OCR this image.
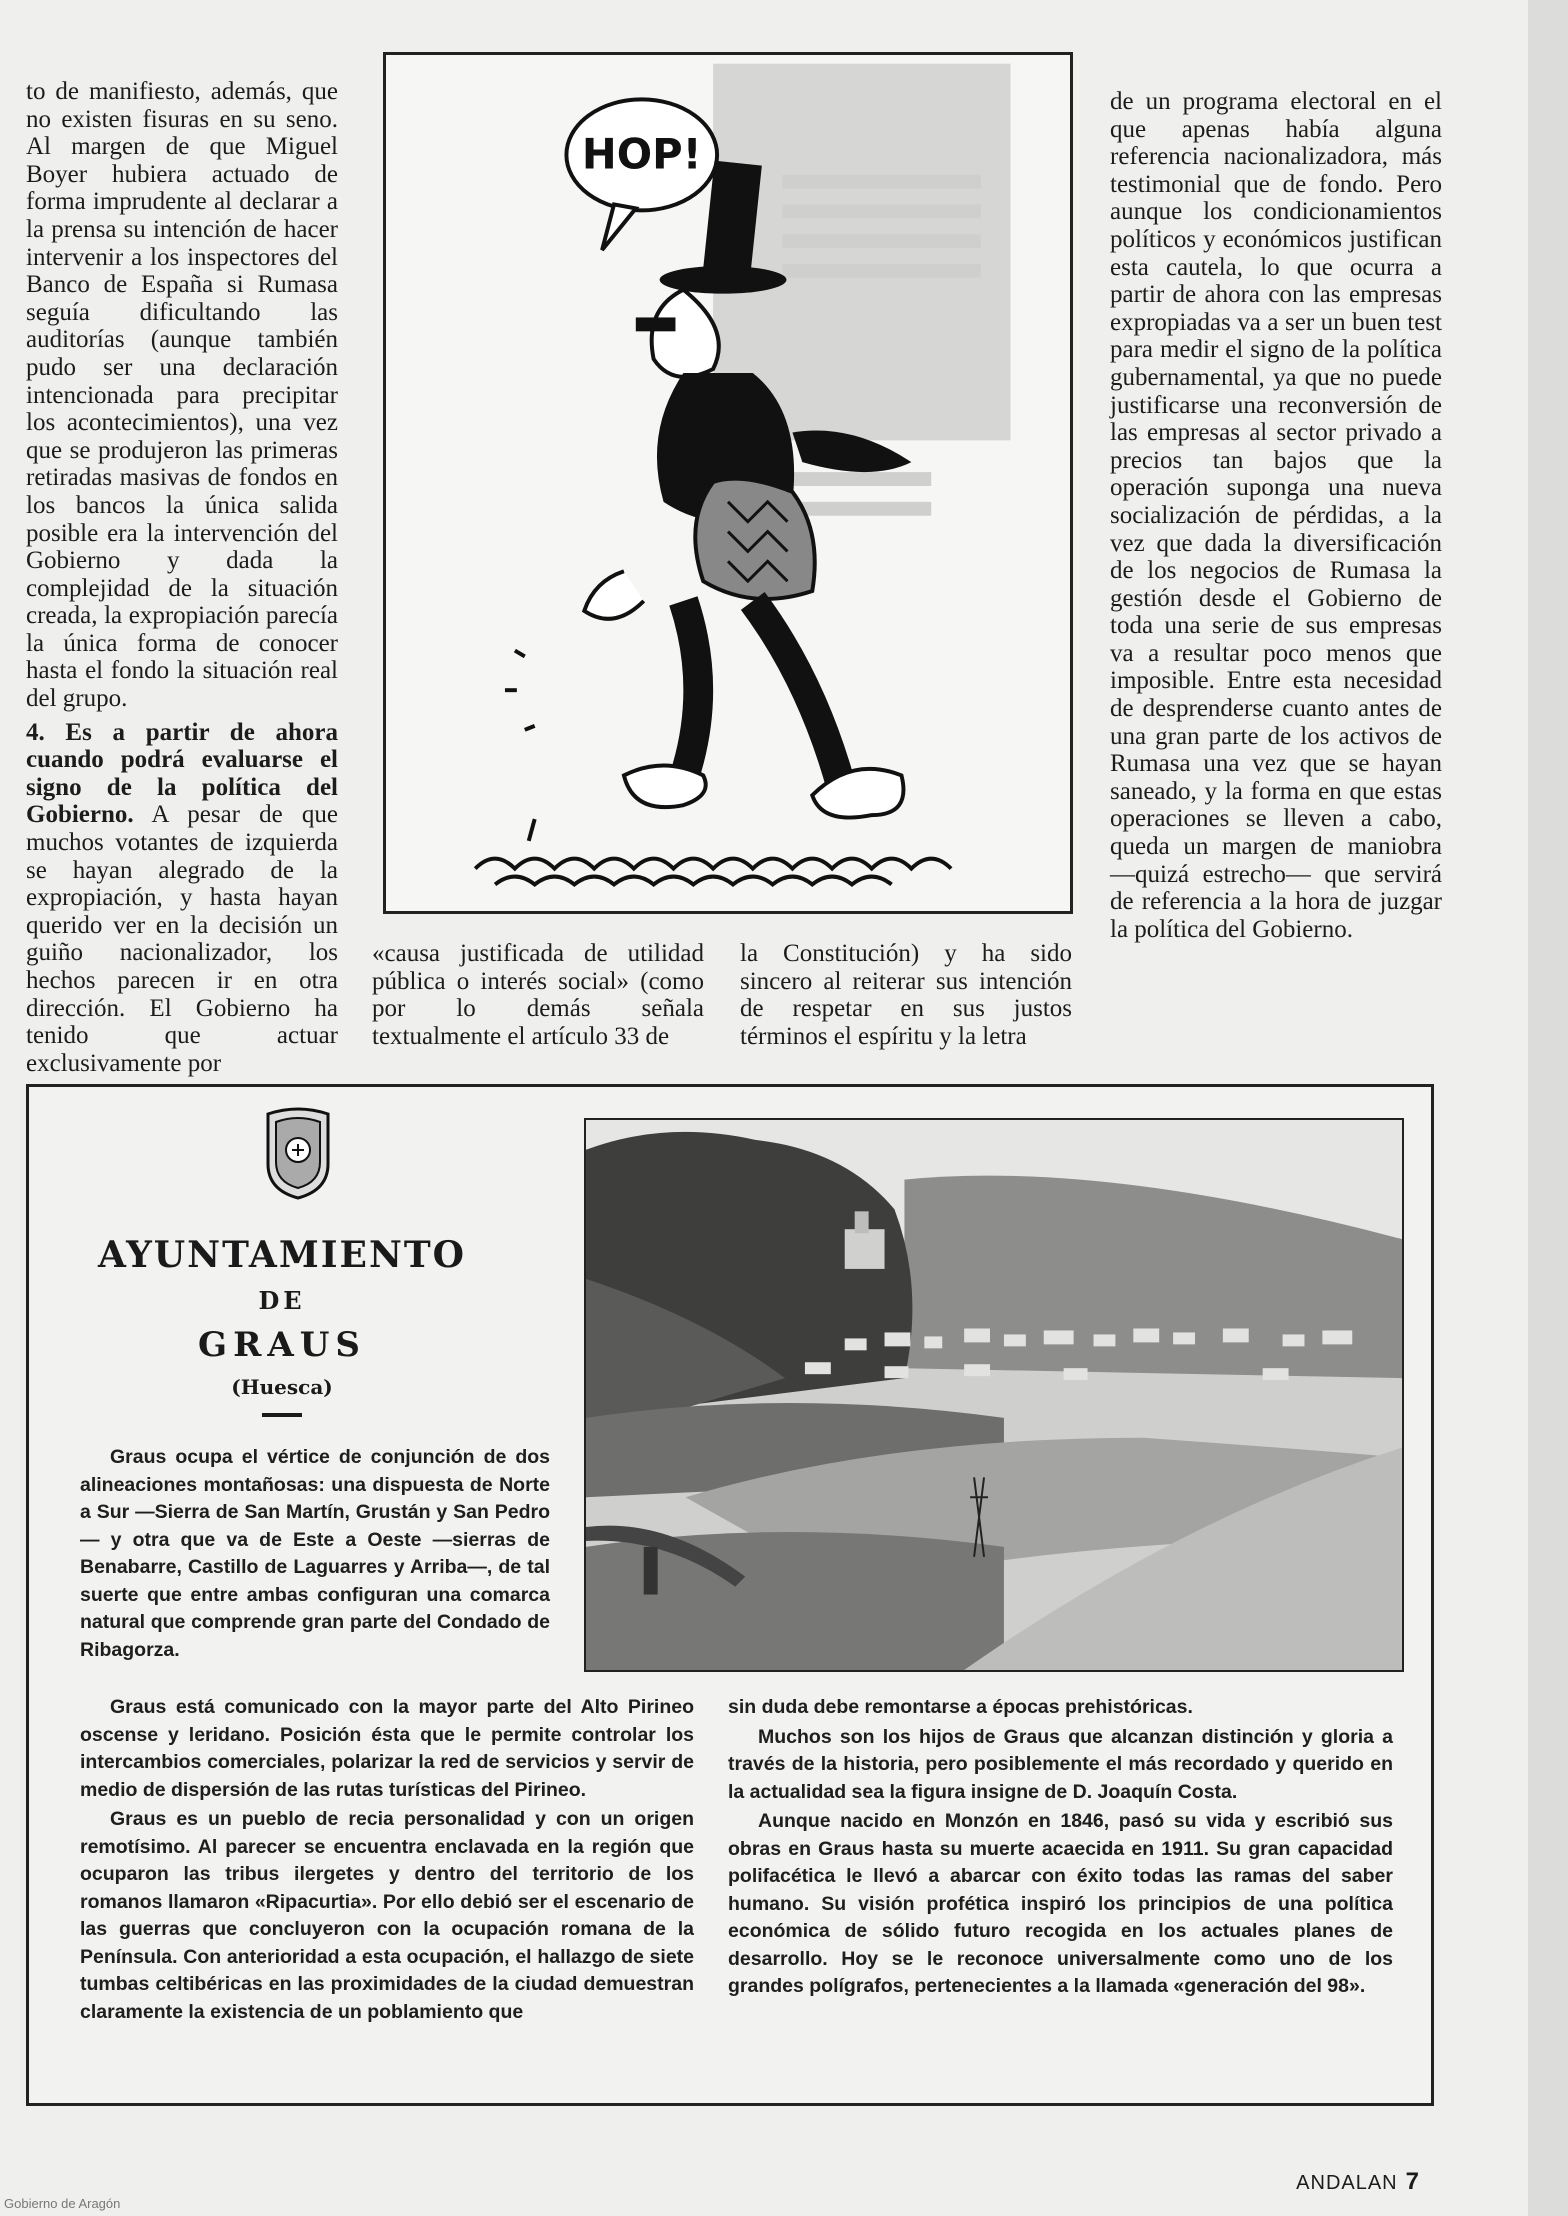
to de manifiesto, además, que no existen fisuras en su seno. Al margen de que Miguel Boyer hubiera actuado de forma imprudente al declarar a la prensa su intención de hacer intervenir a los inspectores del Banco de España si Rumasa seguía dificultando las auditorías (aunque también pudo ser una declaración intencionada para precipitar los acontecimientos), una vez que se produjeron las primeras retiradas masivas de fondos en los bancos la única salida posible era la intervención del Gobierno y dada la complejidad de la situación creada, la expropiación parecía la única forma de conocer hasta el fondo la situación real del grupo.

4. Es a partir de ahora cuando podrá evaluarse el signo de la política del Gobierno. A pesar de que muchos votantes de izquierda se hayan alegrado de la expropiación, y hasta hayan querido ver en la decisión un guiño nacionalizador, los hechos parecen ir en otra dirección. El Gobierno ha tenido que actuar exclusivamente por

HOP!

«causa justificada de utilidad pública o interés social» (como por lo demás señala textualmente el artículo 33 de

la Constitución) y ha sido sincero al reiterar sus intención de respetar en sus justos términos el espíritu y la letra

de un programa electoral en el que apenas había alguna referencia nacionalizadora, más testimonial que de fondo. Pero aunque los condicionamientos políticos y económicos justifican esta cautela, lo que ocurra a partir de ahora con las empresas expropiadas va a ser un buen test para medir el signo de la política gubernamental, ya que no puede justificarse una reconversión de las empresas al sector privado a precios tan bajos que la operación suponga una nueva socialización de pérdidas, a la vez que dada la diversificación de los negocios de Rumasa la gestión desde el Gobierno de toda una serie de sus empresas va a resultar poco menos que imposible. Entre esta necesidad de desprenderse cuanto antes de una gran parte de los activos de Rumasa una vez que se hayan saneado, y la forma en que estas operaciones se lleven a cabo, queda un margen de maniobra —quizá estrecho— que servirá de referencia a la hora de juzgar la política del Gobierno.

AYUNTAMIENTO
DE
GRAUS
(Huesca)

Graus ocupa el vértice de conjunción de dos alineaciones montañosas: una dispuesta de Norte a Sur —Sierra de San Martín, Grustán y San Pedro— y otra que va de Este a Oeste —sierras de Benabarre, Castillo de Laguarres y Arriba—, de tal suerte que entre ambas configuran una comarca natural que comprende gran parte del Condado de Ribagorza.

Graus está comunicado con la mayor parte del Alto Pirineo oscense y leridano. Posición ésta que le permite controlar los intercambios comerciales, polarizar la red de servicios y servir de medio de dispersión de las rutas turísticas del Pirineo.

Graus es un pueblo de recia personalidad y con un origen remotísimo. Al parecer se encuentra enclavada en la región que ocuparon las tribus ilergetes y dentro del territorio de los romanos llamaron «Ripacurtia». Por ello debió ser el escenario de las guerras que concluyeron con la ocupación romana de la Península. Con anterioridad a esta ocupación, el hallazgo de siete tumbas celtibéricas en las proximidades de la ciudad demuestran claramente la existencia de un poblamiento que

sin duda debe remontarse a épocas prehistóricas.

Muchos son los hijos de Graus que alcanzan distinción y gloria a través de la historia, pero posiblemente el más recordado y querido en la actualidad sea la figura insigne de D. Joaquín Costa.

Aunque nacido en Monzón en 1846, pasó su vida y escribió sus obras en Graus hasta su muerte acaecida en 1911. Su gran capacidad polifacética le llevó a abarcar con éxito todas las ramas del saber humano. Su visión profética inspiró los principios de una política económica de sólido futuro recogida en los actuales planes de desarrollo. Hoy se le reconoce universalmente como uno de los grandes polígrafos, pertenecientes a la llamada «generación del 98».

ANDALAN 7
Gobierno de Aragón
